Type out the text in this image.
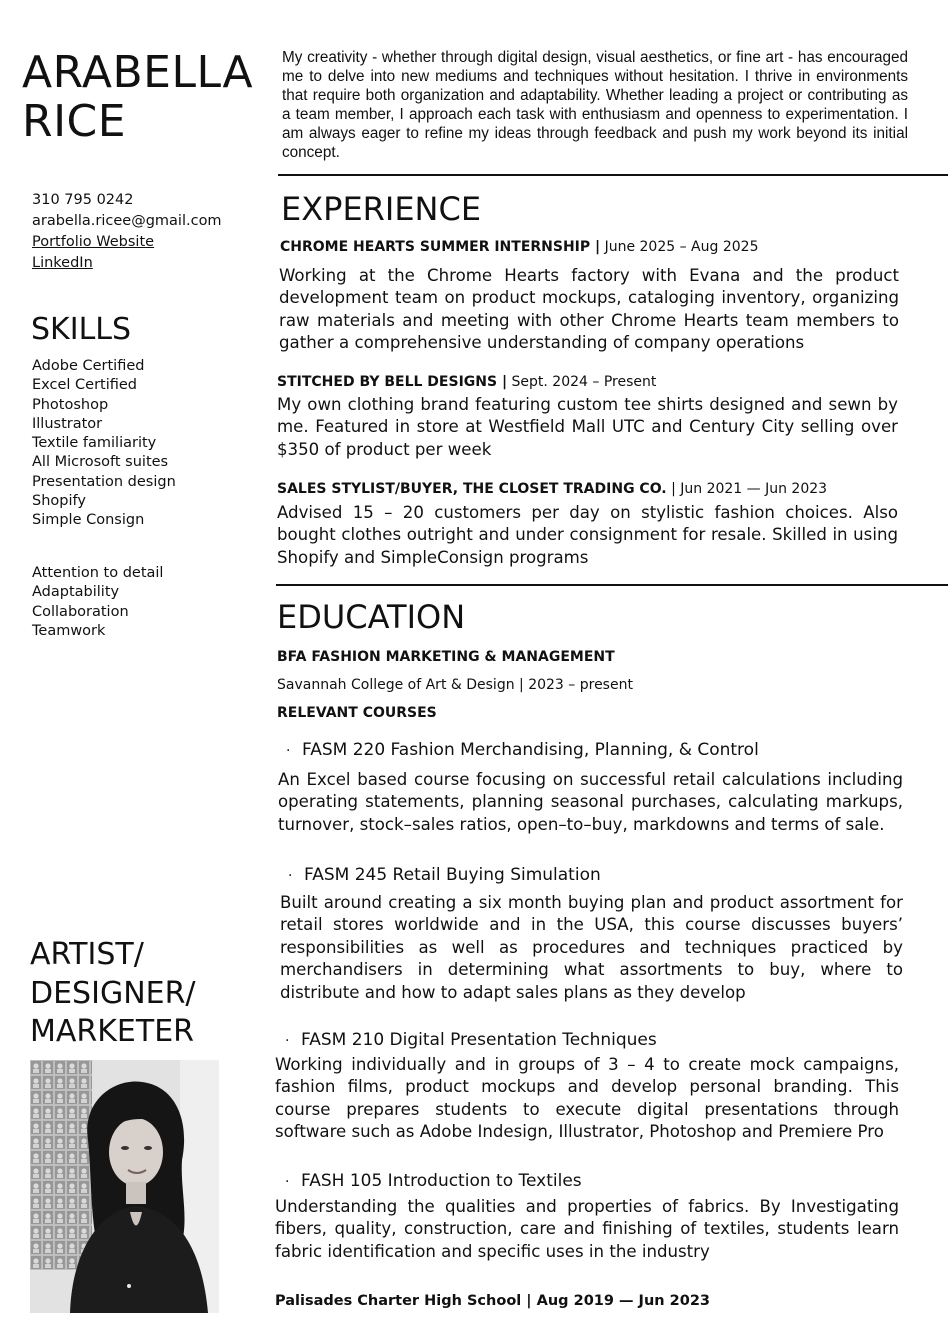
ARABELLA
RICE

My creativity - whether through digital design, visual aesthetics, or fine art - has encouraged me to delve into new mediums and techniques without hesitation. I thrive in environments that require both organization and adaptability. Whether leading a project or contributing as a team member, I approach each task with enthusiasm and openness to experimentation. I am always eager to refine my ideas through feedback and push my work beyond its initial concept.

310 795 0242
arabella.ricee@gmail.com
Portfolio Website
LinkedIn
SKILLS
Adobe Certified
Excel Certified
Photoshop
Illustrator
Textile familiarity
All Microsoft suites
Presentation design
Shopify
Simple Consign
Attention to detail
Adaptability
Collaboration
Teamwork
ARTIST/
DESIGNER/
MARKETER
EXPERIENCE
CHROME HEARTS SUMMER INTERNSHIP | June 2025 – Aug 2025

Working at the Chrome Hearts factory with Evana and the product development team on product mockups, cataloging inventory, organizing raw materials and meeting with other Chrome Hearts team members to gather a comprehensive understanding of company operations

STITCHED BY BELL DESIGNS | Sept. 2024 – Present

My own clothing brand featuring custom tee shirts designed and sewn by me. Featured in store at Westfield Mall UTC and Century City selling over $350 of product per week

SALES STYLIST/BUYER, THE CLOSET TRADING CO. | Jun 2021 — Jun 2023

Advised 15 – 20 customers per day on stylistic fashion choices. Also bought clothes outright and under consignment for resale. Skilled in using Shopify and SimpleConsign programs

EDUCATION
BFA FASHION MARKETING & MANAGEMENT
Savannah College of Art & Design | 2023 – present
RELEVANT COURSES
· FASM 220 Fashion Merchandising, Planning, & Control

An Excel based course focusing on successful retail calculations including operating statements, planning seasonal purchases, calculating markups, turnover, stock–sales ratios, open–to–buy, markdowns and terms of sale.

· FASM 245 Retail Buying Simulation

Built around creating a six month buying plan and product assortment for retail stores worldwide and in the USA, this course discusses buyers’ responsibilities as well as procedures and techniques practiced by merchandisers in determining what assortments to buy, where to distribute and how to adapt sales plans as they develop

· FASM 210 Digital Presentation Techniques

Working individually and in groups of 3 – 4 to create mock campaigns, fashion films, product mockups and develop personal branding. This course prepares students to execute digital presentations through software such as Adobe Indesign, Illustrator, Photoshop and Premiere Pro

· FASH 105 Introduction to Textiles

Understanding the qualities and properties of fabrics. By Investigating fibers, quality, construction, care and finishing of textiles, students learn fabric identification and specific uses in the industry

Palisades Charter High School | Aug 2019 — Jun 2023
